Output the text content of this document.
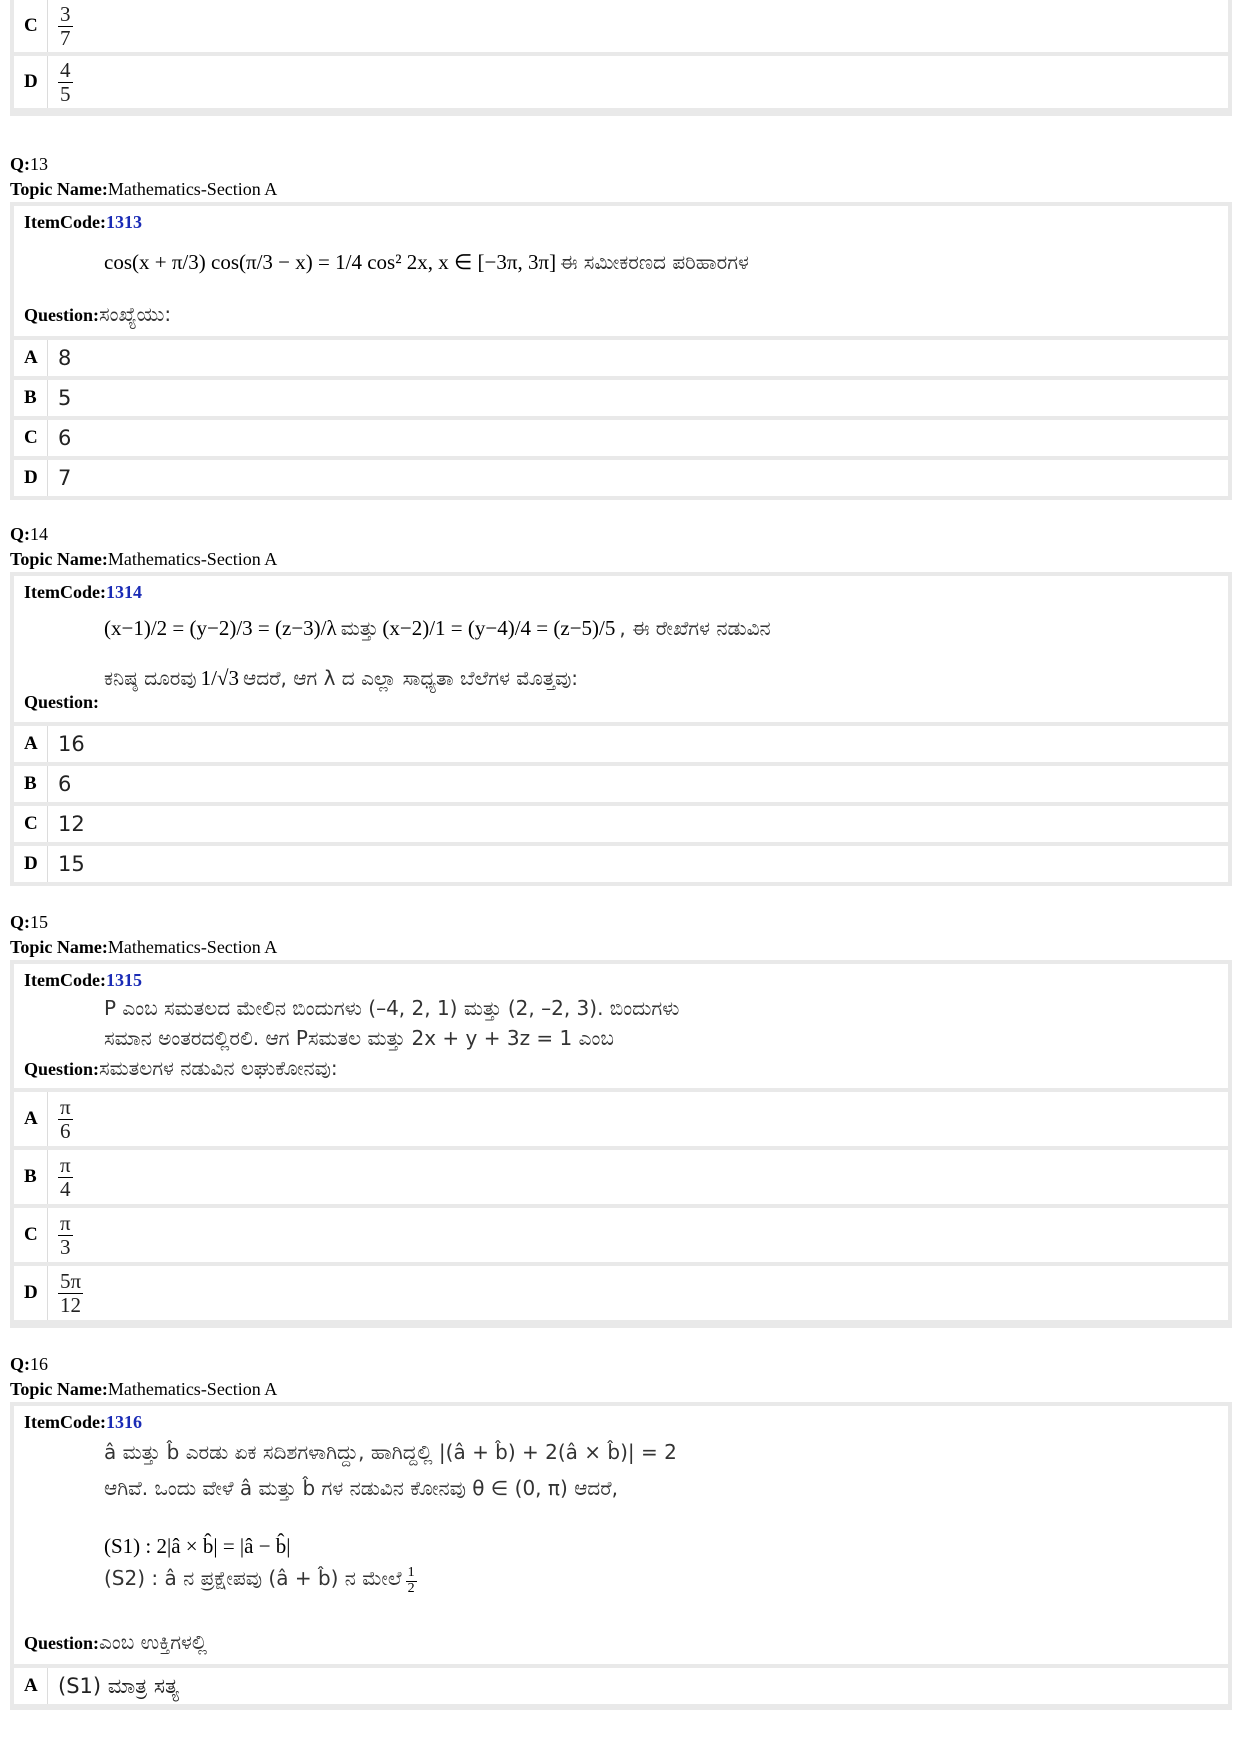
C $\frac{3}{7}$
D $\frac{4}{5}$
Q:13
Topic Name:Mathematics-Section A
ItemCode:1313
cos(x + π/3) cos(π/3 − x) = 1/4 cos² 2x, x ∈ [−3π, 3π] ಈ ಸಮೀಕರಣದ ಪರಿಹಾರಗಳ
Question:ಸಂಖ್ಯೆಯು:
A 8
B	5
C 6
D 7
Q:14
Topic Name:Mathematics-Section A
ItemCode:1314
(x−1)/2 = (y−2)/3 = (z−3)/λ ಮತ್ತು (x−2)/1 = (y−4)/4 = (z−5)/5 , ಈ ರೇಖೆಗಳ ನಡುವಿನ
ಕನಿಷ್ಠ ದೂರವು 1/√3 ಆದರೆ, ಆಗ λ ದ ಎಲ್ಲಾ ಸಾಧ್ಯತಾ ಬೆಲೆಗಳ ಮೊತ್ತವು:
Question:
A 16
B	6
C 12
D 15
Q:15
Topic Name:Mathematics-Section A
ItemCode:1315
P ಎಂಬ ಸಮತಲದ ಮೇಲಿನ ಬಿಂದುಗಳು (–4, 2, 1) ಮತ್ತು (2, –2, 3). ಬಿಂದುಗಳು
ಸಮಾನ ಅಂತರದಲ್ಲಿರಲಿ. ಆಗ Pಸಮತಲ ಮತ್ತು 2x + y + 3z = 1 ಎಂಬ
Question:ಸಮತಲಗಳ ನಡುವಿನ ಲಘುಕೋನವು:
A $\frac{\pi}{6}$
B	$\frac{\pi}{4}$
C $\frac{\pi}{3}$
D $\frac{5\pi}{12}$
Q:16
Topic Name:Mathematics-Section A
ItemCode:1316
â ಮತ್ತು b̂ ಎರಡು ಏಕ ಸದಿಶಗಳಾಗಿದ್ದು, ಹಾಗಿದ್ದಲ್ಲಿ |(â + b̂) + 2(â × b̂)| = 2
ಆಗಿವೆ. ಒಂದು ವೇಳೆ â ಮತ್ತು b̂ ಗಳ ನಡುವಿನ ಕೋನವು θ ∈ (0, π) ಆದರೆ,
(S1) : 2|â × b̂| = |â − b̂|
(S2) : â ನ ಪ್ರಕ್ಷೇಪವು (â + b̂) ನ ಮೇಲೆ $\frac{1}{2}$
Question:ಎಂಬ ಉಕ್ತಿಗಳಲ್ಲಿ
A (S1) ಮಾತ್ರ ಸತ್ಯ
